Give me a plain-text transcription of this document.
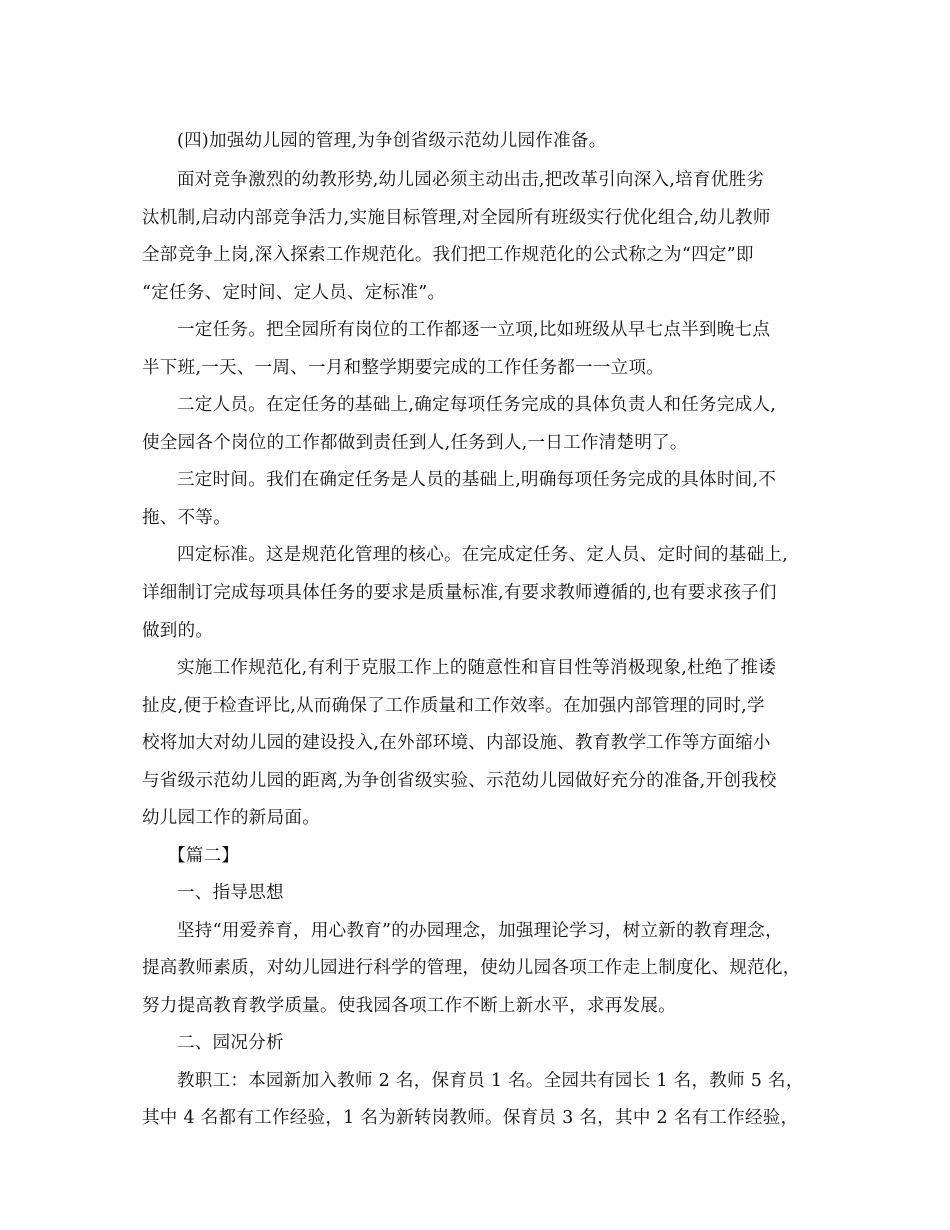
(四)加强幼儿园的管理,为争创省级示范幼儿园作准备。
面对竞争激烈的幼教形势,幼儿园必须主动出击,把改革引向深入,培育优胜劣
汰机制,启动内部竞争活力,实施目标管理,对全园所有班级实行优化组合,幼儿教师
全部竞争上岗,深入探索工作规范化。我们把工作规范化的公式称之为“四定”即
“定任务、定时间、定人员、定标准”。
一定任务。把全园所有岗位的工作都逐一立项,比如班级从早七点半到晚七点
半下班,一天、一周、一月和整学期要完成的工作任务都一一立项。
二定人员。在定任务的基础上,确定每项任务完成的具体负责人和任务完成人,
使全园各个岗位的工作都做到责任到人,任务到人,一日工作清楚明了。
三定时间。我们在确定任务是人员的基础上,明确每项任务完成的具体时间,不
拖、不等。
四定标准。这是规范化管理的核心。在完成定任务、定人员、定时间的基础上,
详细制订完成每项具体任务的要求是质量标准,有要求教师遵循的,也有要求孩子们
做到的。
实施工作规范化,有利于克服工作上的随意性和盲目性等消极现象,杜绝了推诿
扯皮,便于检查评比,从而确保了工作质量和工作效率。在加强内部管理的同时,学
校将加大对幼儿园的建设投入,在外部环境、内部设施、教育教学工作等方面缩小
与省级示范幼儿园的距离,为争创省级实验、示范幼儿园做好充分的准备,开创我校
幼儿园工作的新局面。
【篇二】
一、指导思想
坚持“用爱养育，用心教育”的办园理念，加强理论学习，树立新的教育理念，
提高教师素质，对幼儿园进行科学的管理，使幼儿园各项工作走上制度化、规范化，
努力提高教育教学质量。使我园各项工作不断上新水平，求再发展。
二、园况分析
教职工：本园新加入教师 2 名，保育员 1 名。全园共有园长 1 名，教师 5 名，
其中 4 名都有工作经验，1 名为新转岗教师。保育员 3 名，其中 2 名有工作经验，
